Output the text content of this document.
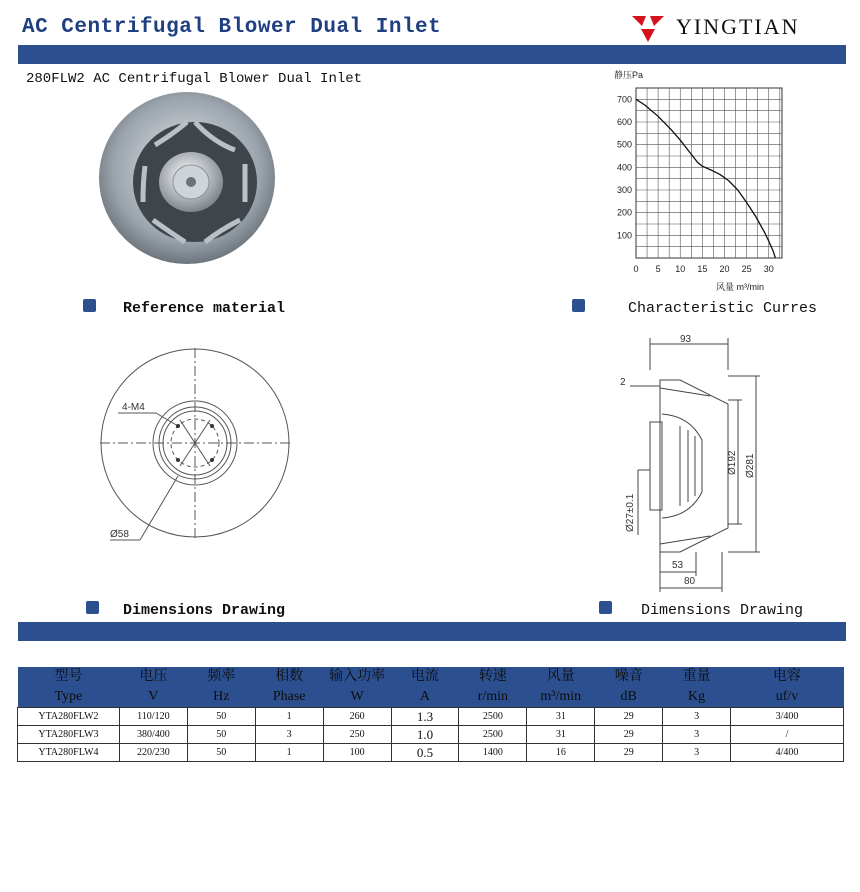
AC Centrifugal Blower Dual Inlet	YINGTIAN
280FLW2 AC Centrifugal Blower Dual Inlet
100
200
300
400
500
600
700
0 5 10 15 20 25 30
静压Pa
风量 m³/min
Reference material	Characteristic Curres
4-M4
Ø58
93
2
Ø192 Ø281
Ø27±0.1
53
80
Dimensions Drawing	Dimensions Drawing
型号	电压	频率	相数	输入功率	电流	转速	风量	噪音	重量	电容
Type	V	Hz	Phase	W	A	r/min	m³/min	dB	Kg	uf/v
YTA280FLW2	110/120	50	1	260	1.3	2500	31	29	3	3/400
YTA280FLW3	380/400	50	3	250	1.0	2500	31	29	3	/
YTA280FLW4	220/230	50	1	100	0.5	1400	16	29	3	4/400
